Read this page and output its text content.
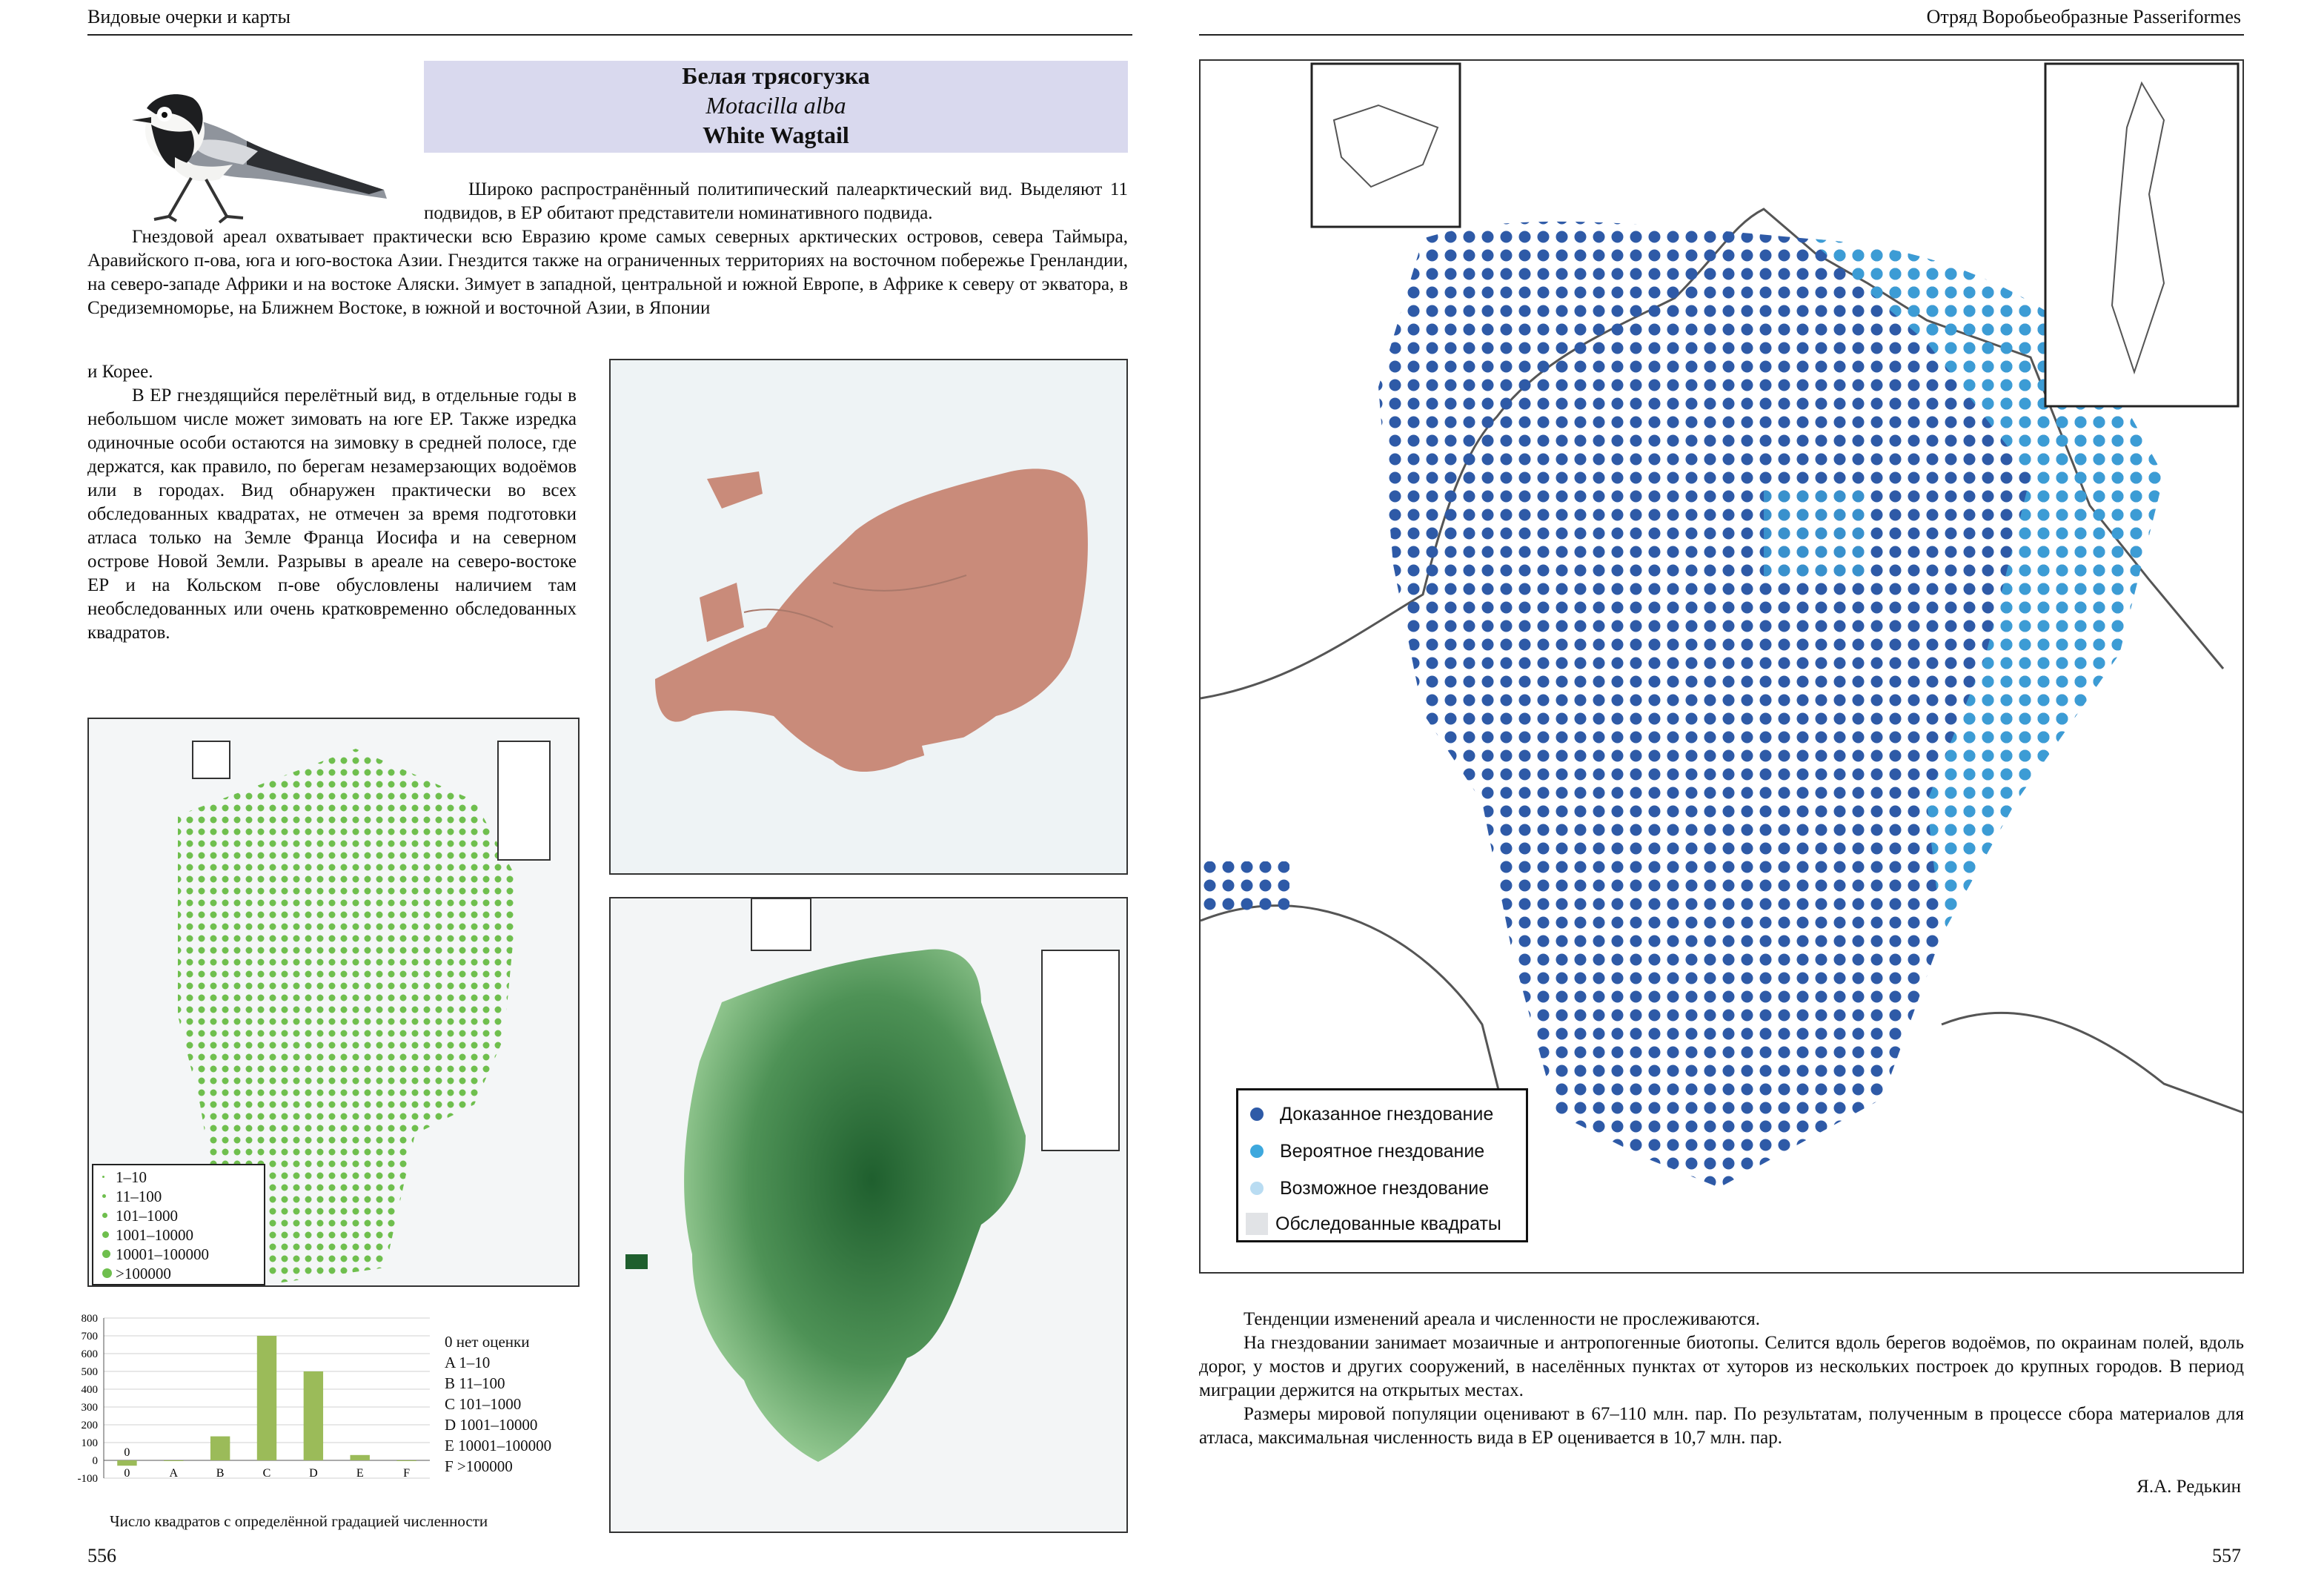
Видовые очерки и карты	Отряд Воробьеобразные Passeriformes
Белая трясогузка
Motacilla alba
White Wagtail

Широко распространённый политипический палеарктический вид. Выделяют 11 подвидов, в ЕР обитают представители номинативного подвида.

Гнездовой ареал охватывает практически всю Евразию кроме самых северных арктических островов, севера Таймыра, Аравийского п-ова, юга и юго-востока Азии. Гнездится также на ограниченных территориях на восточном побережье Гренландии, на северо-западе Африки и на востоке Аляски. Зимует в западной, центральной и южной Европе, в Африке к северу от экватора, в Средиземноморье, на Ближнем Востоке, в южной и восточной Азии, в Японии

и Корее.

В ЕР гнездящийся перелётный вид, в отдельные годы в небольшом числе может зимовать на юге ЕР. Также изредка одиночные особи остаются на зимовку в средней полосе, где держатся, как правило, по берегам незамерзающих водоёмов или в городах. Вид обнаружен практически во всех обследованных квадратах, не отмечен за время подготовки атласа только на Земле Франца Иосифа и на северном острове Новой Земли. Разрывы в ареале на северо-востоке ЕР и на Кольском п-ове обусловлены наличием там необследованных или очень кратковременно обследованных квадратов.

1–10
11–100
101–1000
1001–10000
10001–100000
>100000
800
700
600
500
400
300
200
100
0
-100 0
0
A	B	C	D	E	F
0 нет оценки
A 1–10
B 11–100
C 101–1000
D 1001–10000
E 10001–100000
F >100000
Число квадратов с определённой градацией численности
Доказанное гнездование
Вероятное гнездование
Возможное гнездование
Обследованные квадраты

Тенденции изменений ареала и численности не прослеживаются.

На гнездовании занимает мозаичные и антропогенные биотопы. Селится вдоль берегов водоёмов, по окраинам полей, вдоль дорог, у мостов и других сооружений, в населённых пунктах от хуторов из нескольких построек до крупных городов. В период миграции держится на открытых местах.

Размеры мировой популяции оценивают в 67–110 млн. пар. По результатам, полученным в процессе сбора материалов для атласа, максимальная численность вида в ЕР оценивается в 10,7 млн. пар.

Я.А. Редькин
556	557
